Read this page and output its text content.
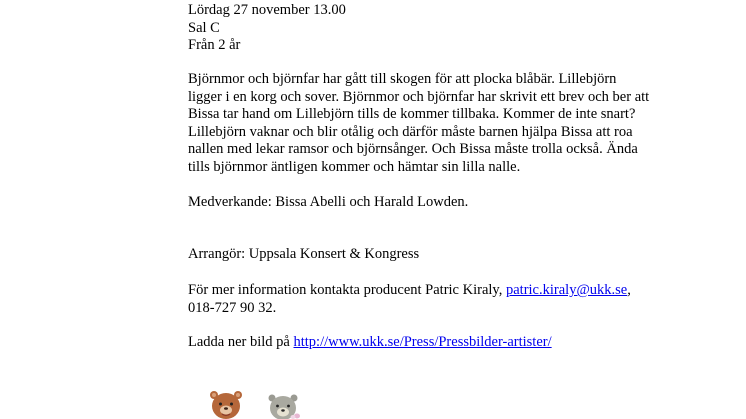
Lördag 27 november 13.00

Sal C

Från 2 år

Björnmor och björnfar har gått till skogen för att plocka blåbär. Lillebjörn

ligger i en korg och sover. Björnmor och björnfar har skrivit ett brev och ber att

Bissa tar hand om Lillebjörn tills de kommer tillbaka. Kommer de inte snart?

Lillebjörn vaknar och blir otålig och därför måste barnen hjälpa Bissa att roa

nallen med lekar ramsor och björnsånger. Och Bissa måste trolla också. Ända

tills björnmor äntligen kommer och hämtar sin lilla nalle.

Medverkande: Bissa Abelli och Harald Lowden.

Arrangör: Uppsala Konsert & Kongress

För mer information kontakta producent Patric Kiraly, patric.kiraly@ukk.se,

018-727 90 32.

Ladda ner bild på http://www.ukk.se/Press/Pressbilder-artister/
